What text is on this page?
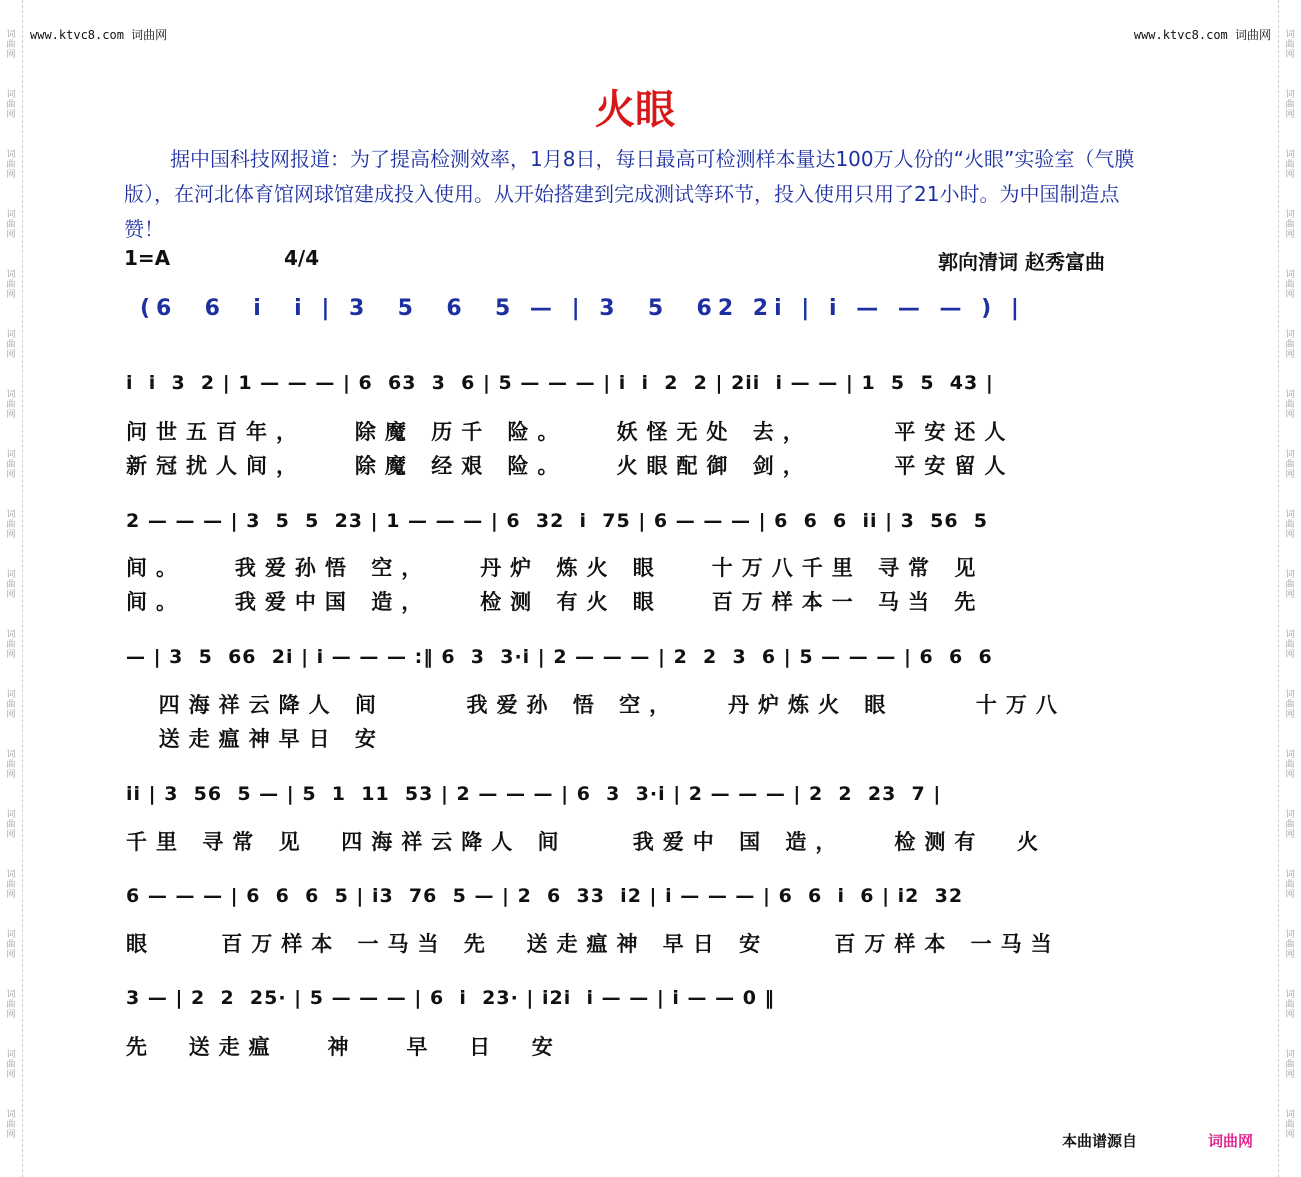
词
曲
网
词
曲
网
词
曲
网
词
曲
网
词
曲
网
词
曲
网
词
曲
网
词
曲
网
词
曲
网
词
曲
网
词
曲
网
词
曲
网
词
曲
网
词
曲
网
词
曲
网
词
曲
网
词
曲
网
词
曲
网
词
曲
网
词
曲
网
词
曲
网
词
曲
网
词
曲
网
词
曲
网
词
曲
网
词
曲
网
词
曲
网
词
曲
网
词
曲
网
词
曲
网
词
曲
网
词
曲
网
词
曲
网
词
曲
网
词
曲
网
词
曲
网
词
曲
网
词
曲
网
www.ktvc8.com 词曲网	www.ktvc8.com 词曲网
火眼
据中国科技网报道：为了提高检测效率，1月8日，每日最高可检测样本量达100万人份的“火眼”实验室（气膜版），在河北体育馆网球馆建成投入使用。从开始搭建到完成测试等环节，投入使用只用了21小时。为中国制造点赞！
1=A	4/4	郭向清词 赵秀富曲
(6  6  i  i | 3  5  6  5 — | 3  5  62 2i | i — — — ) |
i  i  3  2 | 1 — — — | 6  63  3  6 | 5 — — — | i  i  2  2 | 2ii  i — — | 1  5  5  43 |
问世五百年，   除魔 历千 险。   妖怪无处 去，     平安还人
新冠扰人间，   除魔 经艰 险。   火眼配御 剑，     平安留人
2 — — — | 3  5  5  23 | 1 — — — | 6  32  i  75 | 6 — — — | 6  6  6  ii | 3  56  5
间。   我爱孙悟 空，   丹炉 炼火 眼   十万八千里 寻常 见
间。   我爱中国 造，   检测 有火 眼   百万样本一 马当 先
— | 3  5  66  2i | i — — — :‖ 6  3  3·i | 2 — — — | 2  2  3  6 | 5 — — — | 6  6  6
四海祥云降人 间     我爱孙 悟 空，   丹炉炼火 眼     十万八
送走瘟神早日 安
ii | 3  56  5 — | 5  1  11  53 | 2 — — — | 6  3  3·i | 2 — — — | 2  2  23  7 |
千里 寻常 见  四海祥云降人 间    我爱中 国 造，   检测有  火
6 — — — | 6  6  6  5 | i3  76  5 — | 2  6  33  i2 | i — — — | 6  6  i  6 | i2  32
眼    百万样本 一马当 先  送走瘟神 早日 安    百万样本 一马当
3 — | 2  2  25· | 5 — — — | 6  i  23· | i2i  i — — | i — — 0 ‖
先  送走瘟   神   早  日  安
本曲谱源自	词曲网
